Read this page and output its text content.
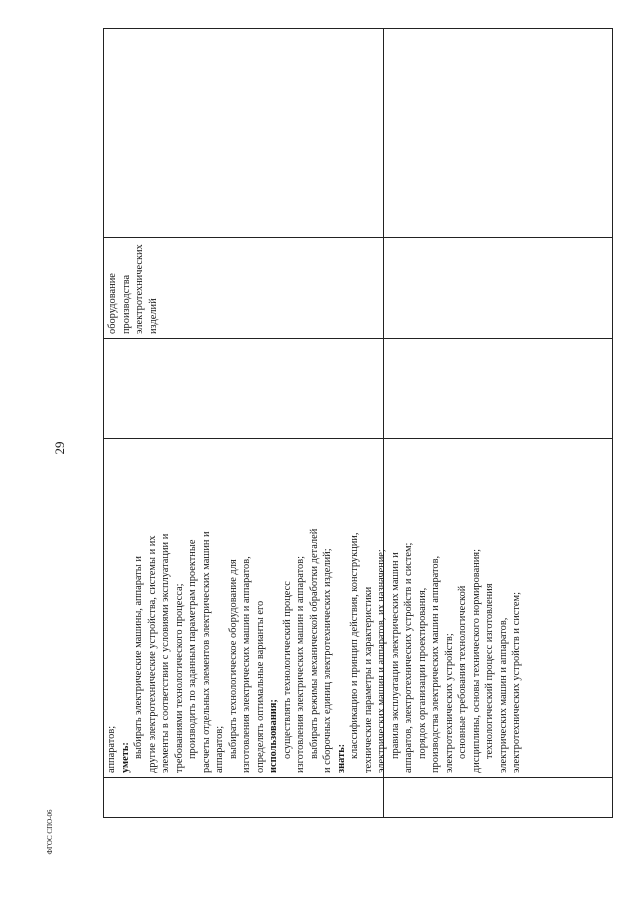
29
аппаратов; уметь: выбирать электрические машины, аппараты и другие электротехнические устройства, системы и их элементы в соответствии с условиями эксплуатации и требованиями технологического процесса; производить по заданным параметрам проектные расчеты отдельных элементов электрических машин и аппаратов; выбирать технологическое оборудование для изготовления электрических машин и аппаратов, определять оптимальные варианты его использования; осуществлять технологический процесс изготовления электрических машин и аппаратов; выбирать режимы механической обработки деталей и сборочных единиц электротехнических изделий; знать: классификацию и принцип действия, конструкции, технические параметры и характеристики электрических машин и аппаратов, их назначение; правила эксплуатации электрических машин и аппаратов, электротехнических устройств и систем; порядок организации проектирования, производства электрических машин и аппаратов, электротехнических устройств; основные требования технологической дисциплины, основы технического нормирования; технологический процесс изготовления электрических машин и аппаратов, электротехнических устройств и систем;
оборудование производства электротехнических изделий
ФГОС СПО-06
